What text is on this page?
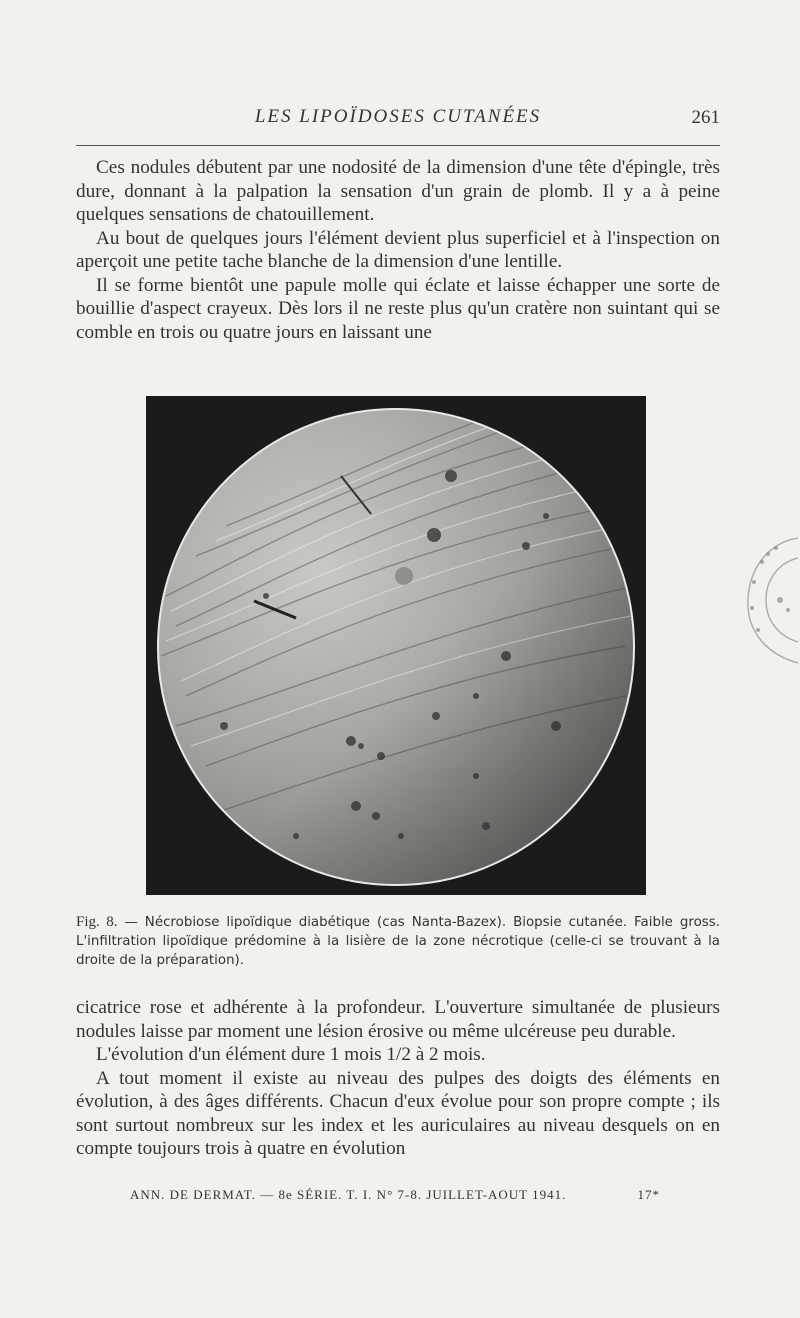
LES LIPOÏDOSES CUTANÉES	261

Ces nodules débutent par une nodosité de la dimension d'une tête d'épingle, très dure, donnant à la palpation la sensation d'un grain de plomb. Il y a à peine quelques sensations de chatouillement.

Au bout de quelques jours l'élément devient plus superficiel et à l'inspection on aperçoit une petite tache blanche de la dimension d'une lentille.

Il se forme bientôt une papule molle qui éclate et laisse échapper une sorte de bouillie d'aspect crayeux. Dès lors il ne reste plus qu'un cratère non suintant qui se comble en trois ou quatre jours en laissant une

Fig. 8. — Nécrobiose lipoïdique diabétique (cas Nanta-Bazex). Biopsie cutanée. Faible gross. L'infiltration lipoïdique prédomine à la lisière de la zone nécrotique (celle-ci se trouvant à la droite de la préparation).

cicatrice rose et adhérente à la profondeur. L'ouverture simultanée de plusieurs nodules laisse par moment une lésion érosive ou même ulcéreuse peu durable.

L'évolution d'un élément dure 1 mois 1/2 à 2 mois.

A tout moment il existe au niveau des pulpes des doigts des éléments en évolution, à des âges différents. Chacun d'eux évolue pour son propre compte ; ils sont surtout nombreux sur les index et les auriculaires au niveau desquels on en compte toujours trois à quatre en évolution

ANN. DE DERMAT. — 8e SÉRIE. T. I. N° 7-8. JUILLET-AOUT 1941.	17*
